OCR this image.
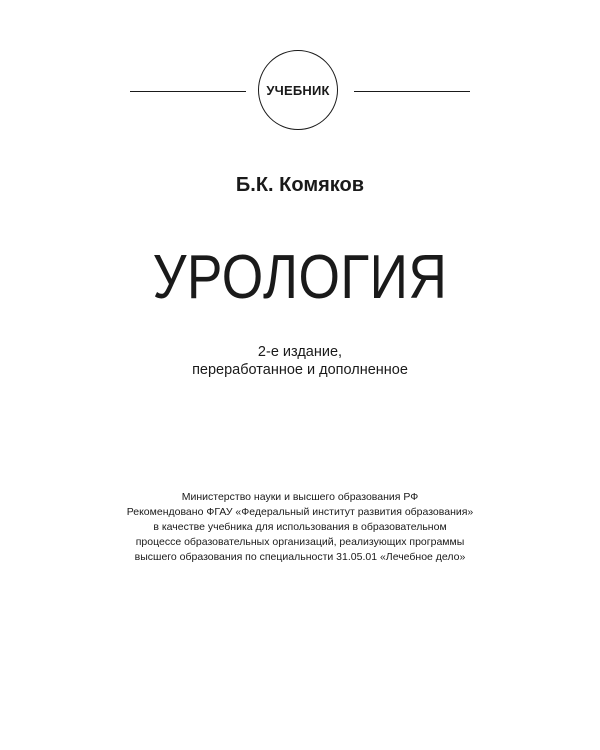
УЧЕБНИК
Б.К. Комяков
УРОЛОГИЯ
2-е издание,
переработанное и дополненное
Министерство науки и высшего образования РФ
Рекомендовано ФГАУ «Федеральный институт развития образования»
в качестве учебника для использования в образовательном
процессе образовательных организаций, реализующих программы
высшего образования по специальности 31.05.01 «Лечебное дело»
